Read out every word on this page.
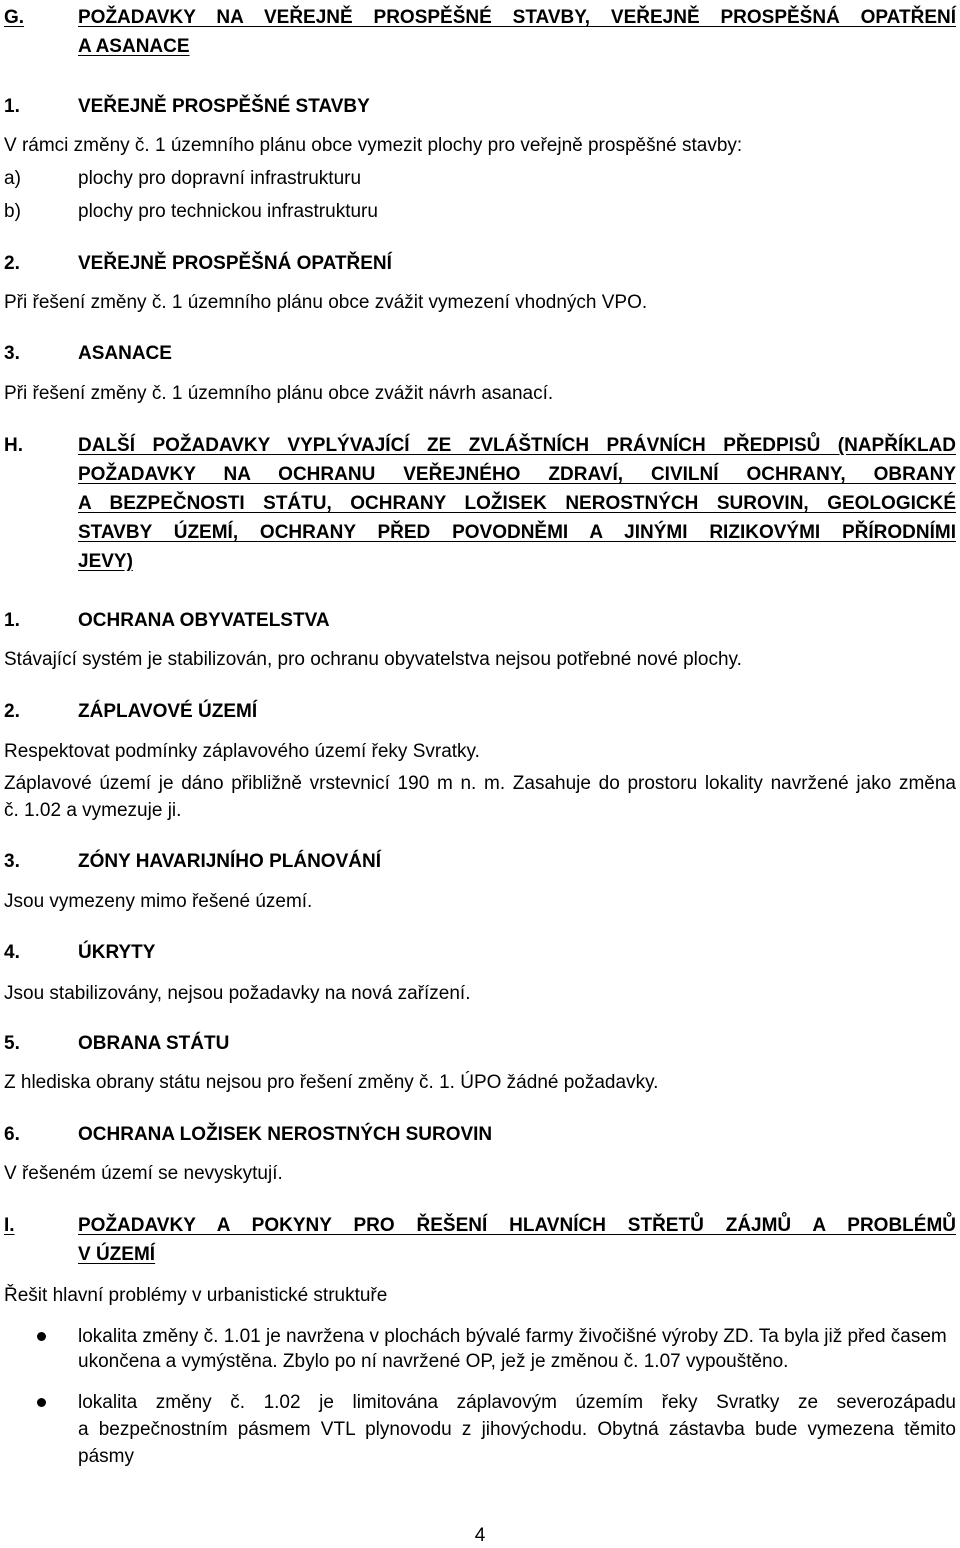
G.	POŽADAVKY NA VEŘEJNĚ PROSPĚŠNÉ STAVBY, VEŘEJNĚ PROSPĚŠNÁ OPATŘENÍ
A ASANACE
1.	VEŘEJNĚ PROSPĚŠNÉ STAVBY
V rámci změny č. 1 územního plánu obce vymezit plochy pro veřejně prospěšné stavby:
a)	plochy pro dopravní infrastrukturu
b)	plochy pro technickou infrastrukturu
2.	VEŘEJNĚ PROSPĚŠNÁ OPATŘENÍ
Při řešení změny č. 1 územního plánu obce zvážit vymezení vhodných VPO.
3.	ASANACE
Při řešení změny č. 1 územního plánu obce zvážit návrh asanací.
H.	DALŠÍ POŽADAVKY VYPLÝVAJÍCÍ ZE ZVLÁŠTNÍCH PRÁVNÍCH PŘEDPISŮ (NAPŘÍKLAD
POŽADAVKY NA OCHRANU VEŘEJNÉHO ZDRAVÍ, CIVILNÍ OCHRANY, OBRANY
A BEZPEČNOSTI STÁTU, OCHRANY LOŽISEK NEROSTNÝCH SUROVIN, GEOLOGICKÉ
STAVBY ÚZEMÍ, OCHRANY PŘED POVODNĚMI A JINÝMI RIZIKOVÝMI PŘÍRODNÍMI
JEVY)
1.	OCHRANA OBYVATELSTVA
Stávající systém je stabilizován, pro ochranu obyvatelstva nejsou potřebné nové plochy.
2.	ZÁPLAVOVÉ ÚZEMÍ
Respektovat podmínky záplavového území řeky Svratky.
Záplavové území je dáno přibližně vrstevnicí 190 m n. m. Zasahuje do prostoru lokality navržené jako změna
č. 1.02 a vymezuje ji.
3.	ZÓNY HAVARIJNÍHO PLÁNOVÁNÍ
Jsou vymezeny mimo řešené území.
4.	ÚKRYTY
Jsou stabilizovány, nejsou požadavky na nová zařízení.
5.	OBRANA STÁTU
Z hlediska obrany státu nejsou pro řešení změny č. 1. ÚPO žádné požadavky.
6.	OCHRANA LOŽISEK NEROSTNÝCH SUROVIN
V řešeném území se nevyskytují.
I.	POŽADAVKY A POKYNY PRO ŘEŠENÍ HLAVNÍCH STŘETŮ ZÁJMŮ A PROBLÉMŮ
V ÚZEMÍ
Řešit hlavní problémy v urbanistické struktuře
lokalita změny č. 1.01 je navržena v plochách bývalé farmy živočišné výroby ZD. Ta byla již před časem
ukončena a vymýstěna. Zbylo po ní navržené OP, jež je změnou č. 1.07 vypouštěno.
lokalita změny č. 1.02 je limitována záplavovým územím řeky Svratky ze severozápadu
a bezpečnostním pásmem VTL plynovodu z jihovýchodu. Obytná zástavba bude vymezena těmito
pásmy
4
